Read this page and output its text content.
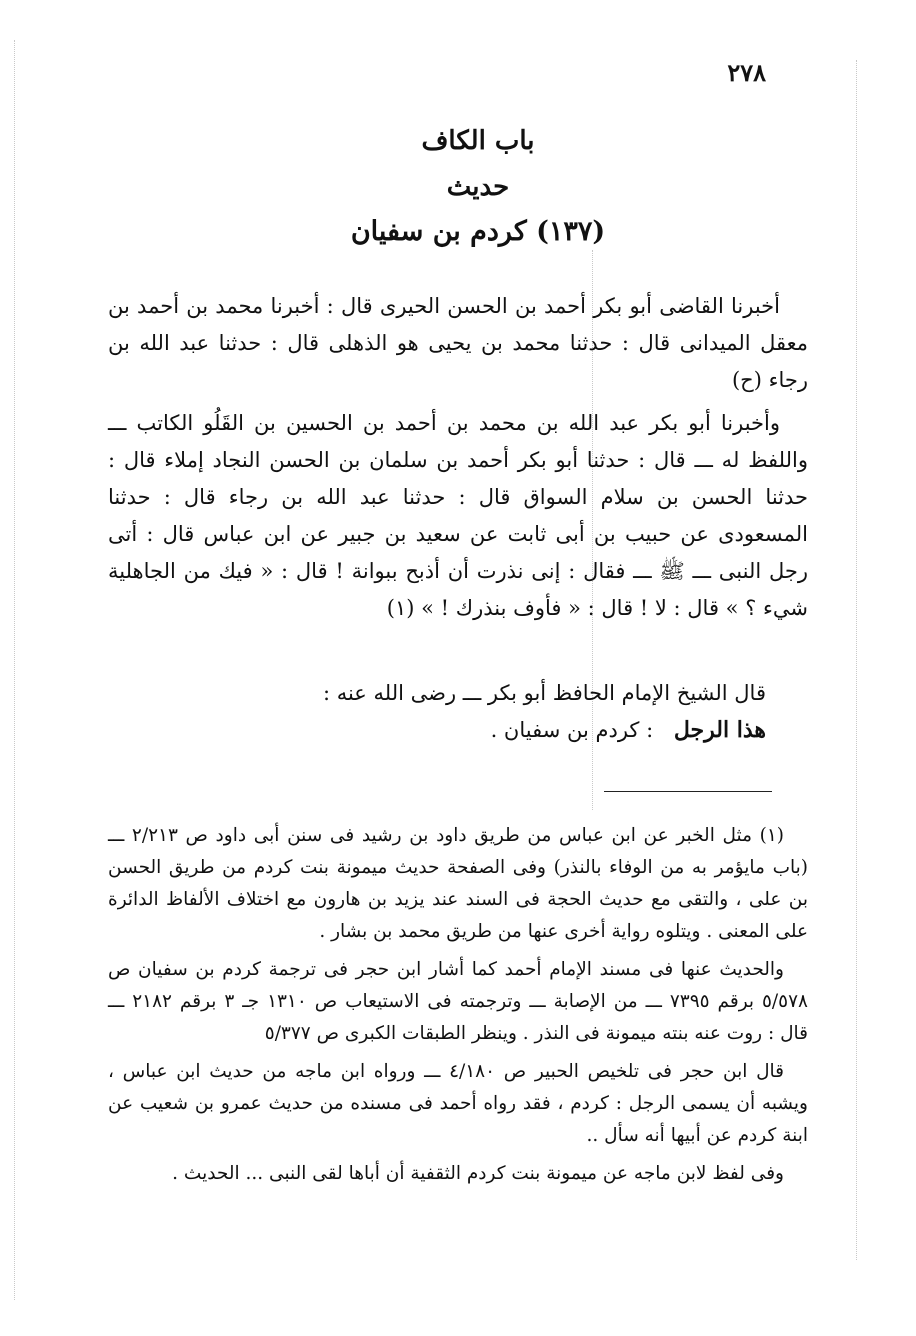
٢٧٨
باب الكاف
حديث
(١٣٧) كردم بن سفيان

أخبرنا القاضى أبو بكر أحمد بن الحسن الحيرى قال : أخبرنا محمد بن أحمد بن معقل الميدانى قال : حدثنا محمد بن يحيى هو الذهلى قال : حدثنا عبد الله بن رجاء (ح)

وأخبرنا أبو بكر عبد الله بن محمد بن أحمد بن الحسين بن القَلُو الكاتب ـــ واللفظ له ـــ قال : حدثنا أبو بكر أحمد بن سلمان بن الحسن النجاد إملاء قال : حدثنا الحسن بن سلام السواق قال : حدثنا عبد الله بن رجاء قال : حدثنا المسعودى عن حبيب بن أبى ثابت عن سعيد بن جبير عن ابن عباس قال : أتى رجل النبى ـــ ﷺ ـــ فقال : إنى نذرت أن أذبح ببوانة ! قال : « فيك من الجاهلية شيء ؟ » قال : لا ! قال : « فأوف بنذرك ! » (١)

قال الشيخ الإمام الحافظ أبو بكر ـــ رضى الله عنه :
هذا الرجل : كردم بن سفيان .

(١) مثل الخبر عن ابن عباس من طريق داود بن رشيد فى سنن أبى داود ص ٢/٢١٣ ـــ (باب مايؤمر به من الوفاء بالنذر) وفى الصفحة حديث ميمونة بنت كردم من طريق الحسن بن على ، والتقى مع حديث الحجة فى السند عند يزيد بن هارون مع اختلاف الألفاظ الدائرة على المعنى . ويتلوه رواية أخرى عنها من طريق محمد بن بشار .

والحديث عنها فى مسند الإمام أحمد كما أشار ابن حجر فى ترجمة كردم بن سفيان ص ٥/٥٧٨ برقم ٧٣٩٥ ـــ من الإصابة ـــ وترجمته فى الاستيعاب ص ١٣١٠ جـ ٣ برقم ٢١٨٢ ـــ قال : روت عنه بنته ميمونة فى النذر . وينظر الطبقات الكبرى ص ٥/٣٧٧

قال ابن حجر فى تلخيص الحبير ص ٤/١٨٠ ـــ ورواه ابن ماجه من حديث ابن عباس ، ويشبه أن يسمى الرجل : كردم ، فقد رواه أحمد فى مسنده من حديث عمرو بن شعيب عن ابنة كردم عن أبيها أنه سأل ..

وفى لفظ لابن ماجه عن ميمونة بنت كردم الثقفية أن أباها لقى النبى ... الحديث .
